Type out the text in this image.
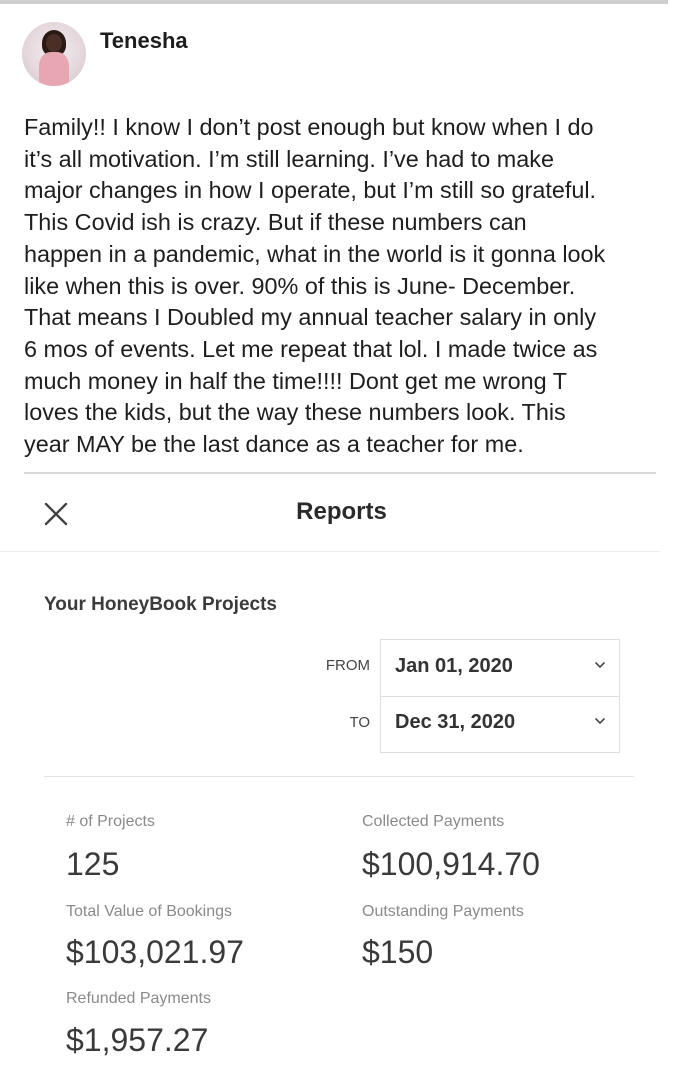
Tenesha

Family!! I know I don’t post enough but know when I do
it’s all motivation. I’m still learning. I’ve had to make
major changes in how I operate, but I’m still so grateful.
This Covid ish is crazy. But if these numbers can
happen in a pandemic, what in the world is it gonna look
like when this is over. 90% of this is June- December.
That means I Doubled my annual teacher salary in only
6 mos of events. Let me repeat that lol. I made twice as
much money in half the time!!!! Dont get me wrong T
loves the kids, but the way these numbers look. This
year MAY be the last dance as a teacher for me.

Reports
Your HoneyBook Projects
FROM
TO
Jan 01, 2020
Dec 31, 2020
# of Projects
125
Collected Payments
$100,914.70
Total Value of Bookings
$103,021.97
Outstanding Payments
$150
Refunded Payments
$1,957.27
